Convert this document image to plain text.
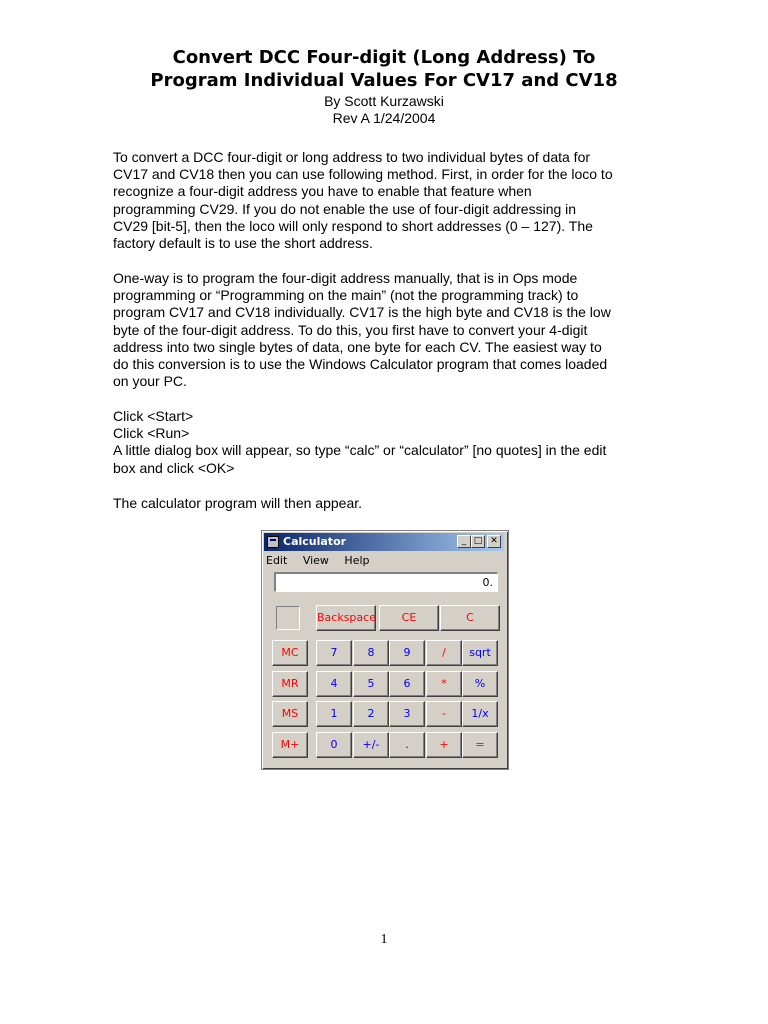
Convert DCC Four-digit (Long Address) To
Program Individual Values For CV17 and CV18
By Scott Kurzawski
Rev A 1/24/2004
To convert a DCC four-digit or long address to two individual bytes of data for
CV17 and CV18 then you can use following method. First, in order for the loco to
recognize a four-digit address you have to enable that feature when
programming CV29. If you do not enable the use of four-digit addressing in
CV29 [bit-5], then the loco will only respond to short addresses (0 – 127). The
factory default is to use the short address.
One-way is to program the four-digit address manually, that is in Ops mode
programming or “Programming on the main” (not the programming track) to
program CV17 and CV18 individually. CV17 is the high byte and CV18 is the low
byte of the four-digit address. To do this, you first have to convert your 4-digit
address into two single bytes of data, one byte for each CV. The easiest way to
do this conversion is to use the Windows Calculator program that comes loaded
on your PC.
Click <Start>
Click <Run>
A little dialog box will appear, so type “calc” or “calculator” [no quotes] in the edit
box and click <OK>
The calculator program will then appear.
Calculator	_ □ ✕
Edit View Help
0.
Backspace	CE	C
MC	7	8	9	/	sqrt
MR	4	5	6	*	%
MS	1	2	3	-	1/x
M+	0	+/-	.	+	=
1
